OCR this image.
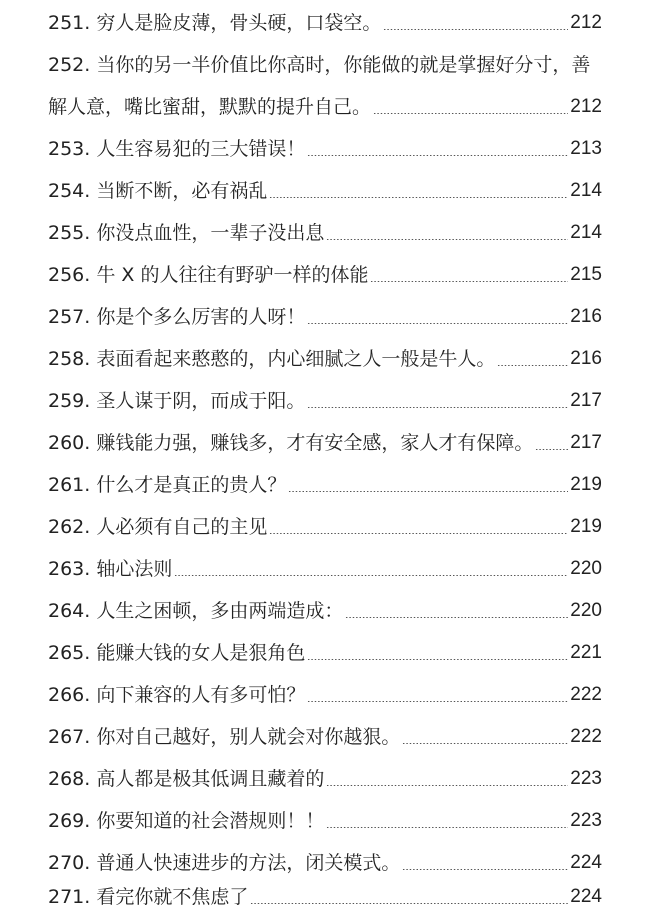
251. 穷人是脸皮薄，骨头硬，口袋空。	212
252. 当你的另一半价值比你高时，你能做的就是掌握好分寸，善
解人意，嘴比蜜甜，默默的提升自己。	212
253. 人生容易犯的三大错误！	213
254. 当断不断，必有祸乱	214
255. 你没点血性，一辈子没出息	214
256. 牛 X 的人往往有野驴一样的体能	215
257. 你是个多么厉害的人呀！	216
258. 表面看起来憨憨的，内心细腻之人一般是牛人。	216
259. 圣人谋于阴，而成于阳。	217
260. 赚钱能力强，赚钱多，才有安全感，家人才有保障。 217
261. 什么才是真正的贵人？	219
262. 人必须有自己的主见	219
263. 轴心法则	220
264. 人生之困顿，多由两端造成：	220
265. 能赚大钱的女人是狠角色	221
266. 向下兼容的人有多可怕？	222
267. 你对自己越好，别人就会对你越狠。	222
268. 高人都是极其低调且藏着的	223
269. 你要知道的社会潜规则！！	223
270. 普通人快速进步的方法，闭关模式。	224
271. 看完你就不焦虑了	224
